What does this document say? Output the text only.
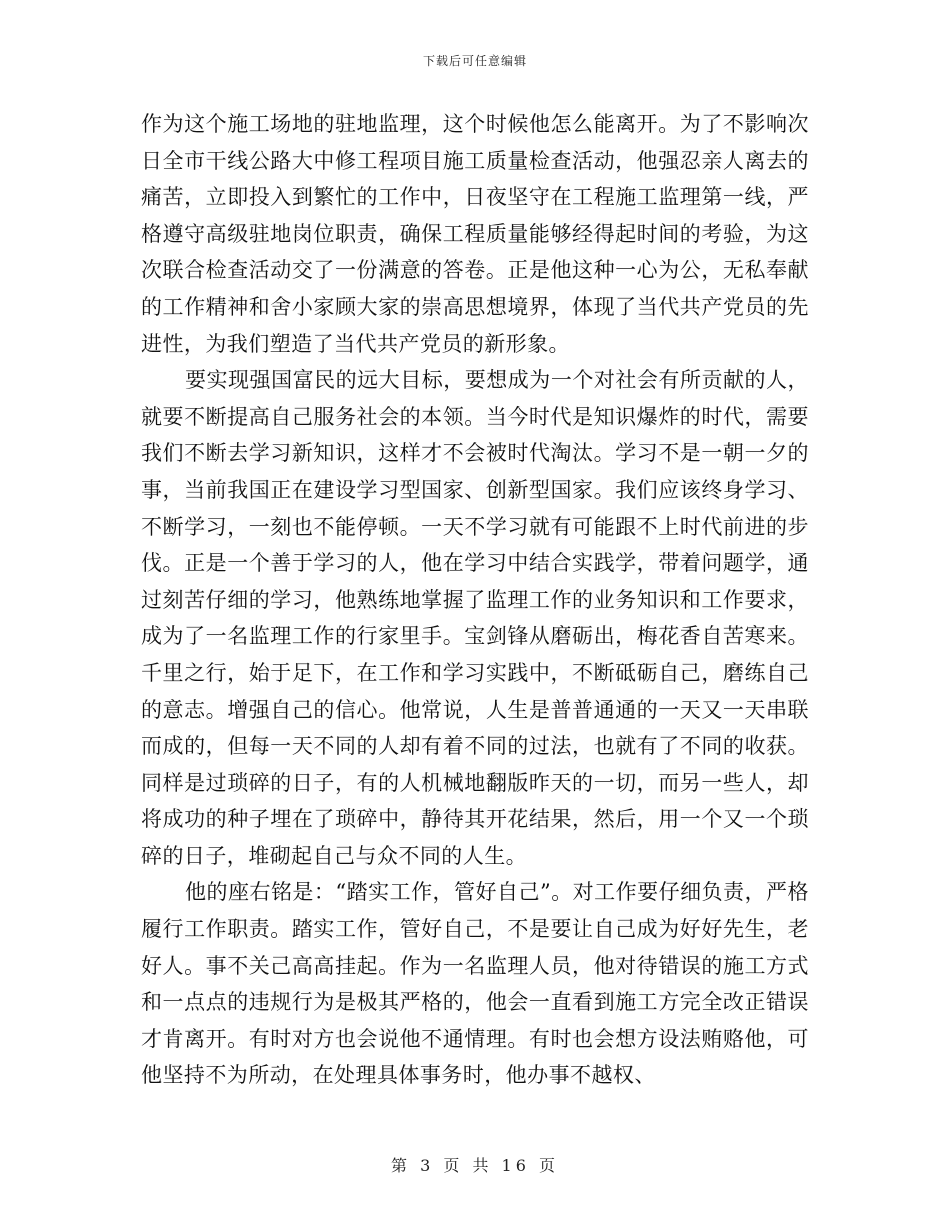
下载后可任意编辑

作为这个施工场地的驻地监理，这个时候他怎么能离开。为了不影响次日全市干线公路大中修工程项目施工质量检查活动，他强忍亲人离去的痛苦，立即投入到繁忙的工作中，日夜坚守在工程施工监理第一线，严格遵守高级驻地岗位职责，确保工程质量能够经得起时间的考验，为这次联合检查活动交了一份满意的答卷。正是他这种一心为公，无私奉献的工作精神和舍小家顾大家的崇高思想境界，体现了当代共产党员的先进性，为我们塑造了当代共产党员的新形象。

要实现强国富民的远大目标，要想成为一个对社会有所贡献的人，就要不断提高自己服务社会的本领。当今时代是知识爆炸的时代，需要我们不断去学习新知识，这样才不会被时代淘汰。学习不是一朝一夕的事，当前我国正在建设学习型国家、创新型国家。我们应该终身学习、不断学习，一刻也不能停顿。一天不学习就有可能跟不上时代前进的步伐。正是一个善于学习的人，他在学习中结合实践学，带着问题学，通过刻苦仔细的学习，他熟练地掌握了监理工作的业务知识和工作要求，成为了一名监理工作的行家里手。宝剑锋从磨砺出，梅花香自苦寒来。千里之行，始于足下，在工作和学习实践中，不断砥砺自己，磨练自己的意志。增强自己的信心。他常说，人生是普普通通的一天又一天串联而成的，但每一天不同的人却有着不同的过法，也就有了不同的收获。同样是过琐碎的日子，有的人机械地翻版昨天的一切，而另一些人，却将成功的种子埋在了琐碎中，静待其开花结果，然后，用一个又一个琐碎的日子，堆砌起自己与众不同的人生。

他的座右铭是：“踏实工作，管好自己”。对工作要仔细负责，严格履行工作职责。踏实工作，管好自己，不是要让自己成为好好先生，老好人。事不关己高高挂起。作为一名监理人员，他对待错误的施工方式和一点点的违规行为是极其严格的，他会一直看到施工方完全改正错误才肯离开。有时对方也会说他不通情理。有时也会想方设法贿赂他，可他坚持不为所动，在处理具体事务时，他办事不越权、

第 3 页 共 16 页
